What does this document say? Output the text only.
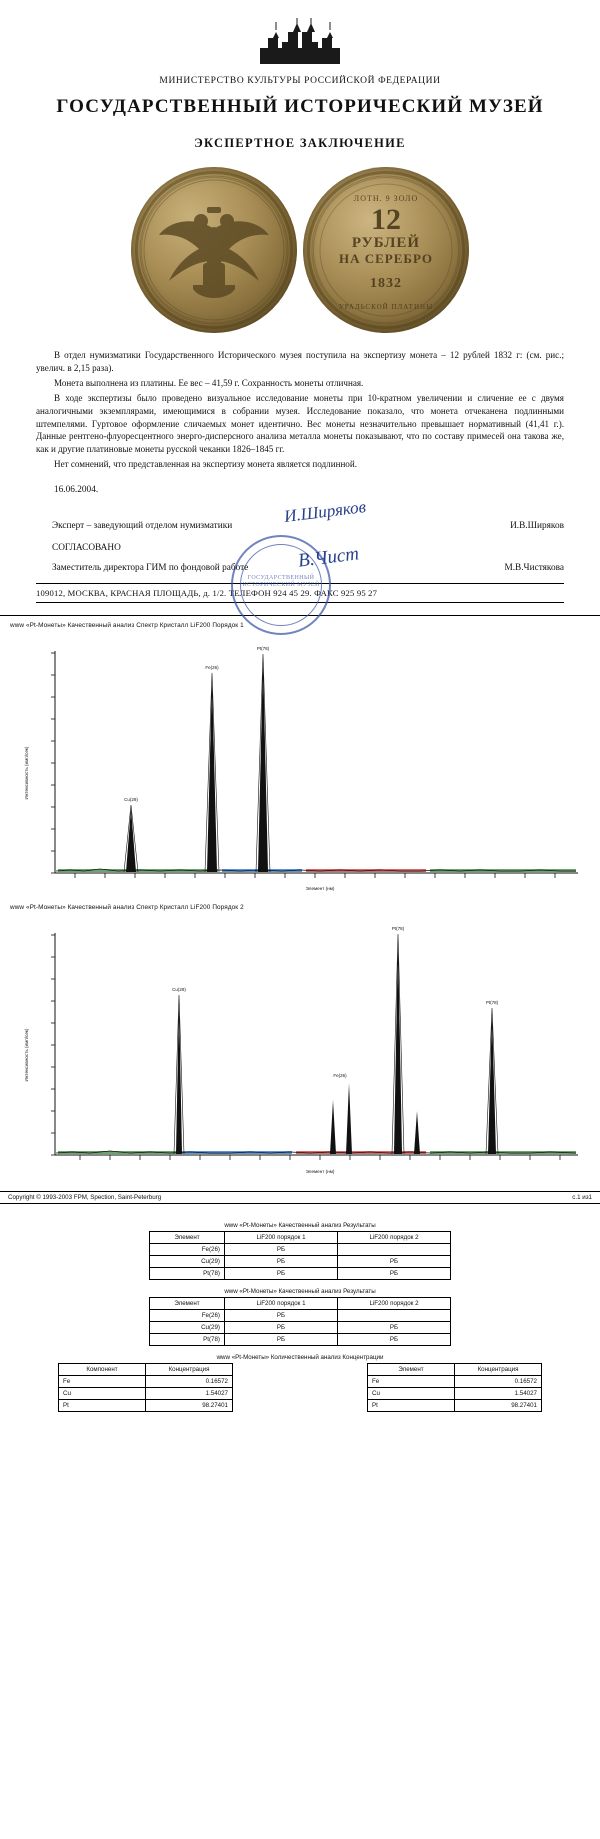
МИНИСТЕРСТВО КУЛЬТУРЫ РОССИЙСКОЙ ФЕДЕРАЦИИ
ГОСУДАРСТВЕННЫЙ ИСТОРИЧЕСКИЙ МУЗЕЙ
ЭКСПЕРТНОЕ ЗАКЛЮЧЕНИЕ
12
РУБЛЕЙ
НА СЕРЕБРО
1832
ЛОТН. 9 ЗОЛО
УРАЛЬСКОЙ ПЛАТИНЫ

В отдел нумизматики Государственного Исторического музея поступила на экспертизу монета – 12 рублей 1832 г: (см. рис.; увелич. в 2,15 раза).

Монета выполнена из платины. Ее вес – 41,59 г. Сохранность монеты отличная.

В ходе экспертизы было проведено визуальное исследование монеты при 10-кратном увеличении и сличение ее с двумя аналогичными экземплярами, имеющимися в собрании музея. Исследование показало, что монета отчеканена подлинными штемпелями. Гуртовое оформление сличаемых монет идентично. Вес монеты незначительно превышает нормативный (41,41 г.). Данные рентгено-флуоресцентного энерго-дисперсного анализа металла монеты показывают, что по составу примесей она такова же, как и другие платиновые монеты русской чеканки 1826–1845 гг.

Нет сомнений, что представленная на экспертизу монета является подлинной.

16.06.2004.
ГОСУДАРСТВЕННЫЙ ИСТОРИЧЕСКИЙ МУЗЕЙ
Эксперт – заведующий отделом нумизматики
И.Ширяков
И.В.Ширяков
СОГЛАСОВАНО
Заместитель директора ГИМ по фондовой работе	В.Чист	М.В.Чистякова
109012, МОСКВА, КРАСНАЯ ПЛОЩАДЬ, д. 1/2. ТЕЛЕФОН 924 45 29. ФАКС 925 95 27
www «Pt-Монеты» Качественный анализ Спектр Кристалл LiF200 Порядок 1
Cu(29)
Fe(26)
Pt(78)
Интенсивность (имп/сек)
Элемент (нм)
www «Pt-Монеты» Качественный анализ Спектр Кристалл LiF200 Порядок 2
Cu(29)
Fe(26)
Pt(78)
Pt(78)
Интенсивность (имп/сек)
Элемент (нм)
Copyright © 1993-2003 FPM, Spection, Saint-Peterburg	c.1 из1
www «Pt-Монеты» Качественный анализ Результаты
Элемент	LiF200 порядок 1	LiF200 порядок 2
Fe(26)	РБ	
Cu(29)	РБ	РБ
Pt(78)	РБ	РБ
www «Pt-Монеты» Качественный анализ Результаты
Элемент	LiF200 порядок 1	LiF200 порядок 2
Fe(26)	РБ	
Cu(29)	РБ	РБ
Pt(78)	РБ	РБ
www «Pt-Монеты» Количественный анализ Концентрации
Компонент	Концентрация
Fe	0.16572
Cu	1.54027
Pt	98.27401
Элемент	Концентрация
Fe	0.16572
Cu	1.54027
Pt	98.27401
